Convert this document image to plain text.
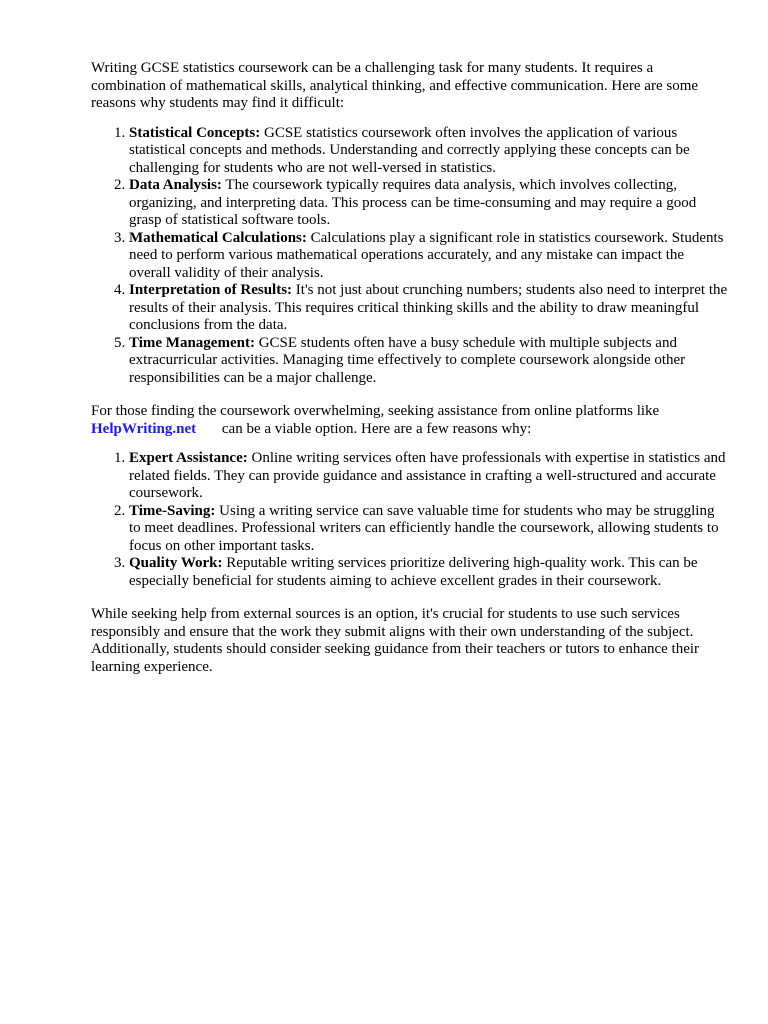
Writing GCSE statistics coursework can be a challenging task for many students. It requires a combination of mathematical skills, analytical thinking, and effective communication. Here are some reasons why students may find it difficult:

1. Statistical Concepts: GCSE statistics coursework often involves the application of various statistical concepts and methods. Understanding and correctly applying these concepts can be challenging for students who are not well-versed in statistics.
2. Data Analysis: The coursework typically requires data analysis, which involves collecting, organizing, and interpreting data. This process can be time-consuming and may require a good grasp of statistical software tools.
3. Mathematical Calculations: Calculations play a significant role in statistics coursework. Students need to perform various mathematical operations accurately, and any mistake can impact the overall validity of their analysis.
4. Interpretation of Results: It's not just about crunching numbers; students also need to interpret the results of their analysis. This requires critical thinking skills and the ability to draw meaningful conclusions from the data.
5. Time Management: GCSE students often have a busy schedule with multiple subjects and extracurricular activities. Managing time effectively to complete coursework alongside other responsibilities can be a major challenge.

For those finding the coursework overwhelming, seeking assistance from online platforms like
HelpWriting.net can be a viable option. Here are a few reasons why:

1. Expert Assistance: Online writing services often have professionals with expertise in statistics and related fields. They can provide guidance and assistance in crafting a well-structured and accurate coursework.
2. Time-Saving: Using a writing service can save valuable time for students who may be struggling to meet deadlines. Professional writers can efficiently handle the coursework, allowing students to focus on other important tasks.
3. Quality Work: Reputable writing services prioritize delivering high-quality work. This can be especially beneficial for students aiming to achieve excellent grades in their coursework.

While seeking help from external sources is an option, it's crucial for students to use such services responsibly and ensure that the work they submit aligns with their own understanding of the subject. Additionally, students should consider seeking guidance from their teachers or tutors to enhance their learning experience.
